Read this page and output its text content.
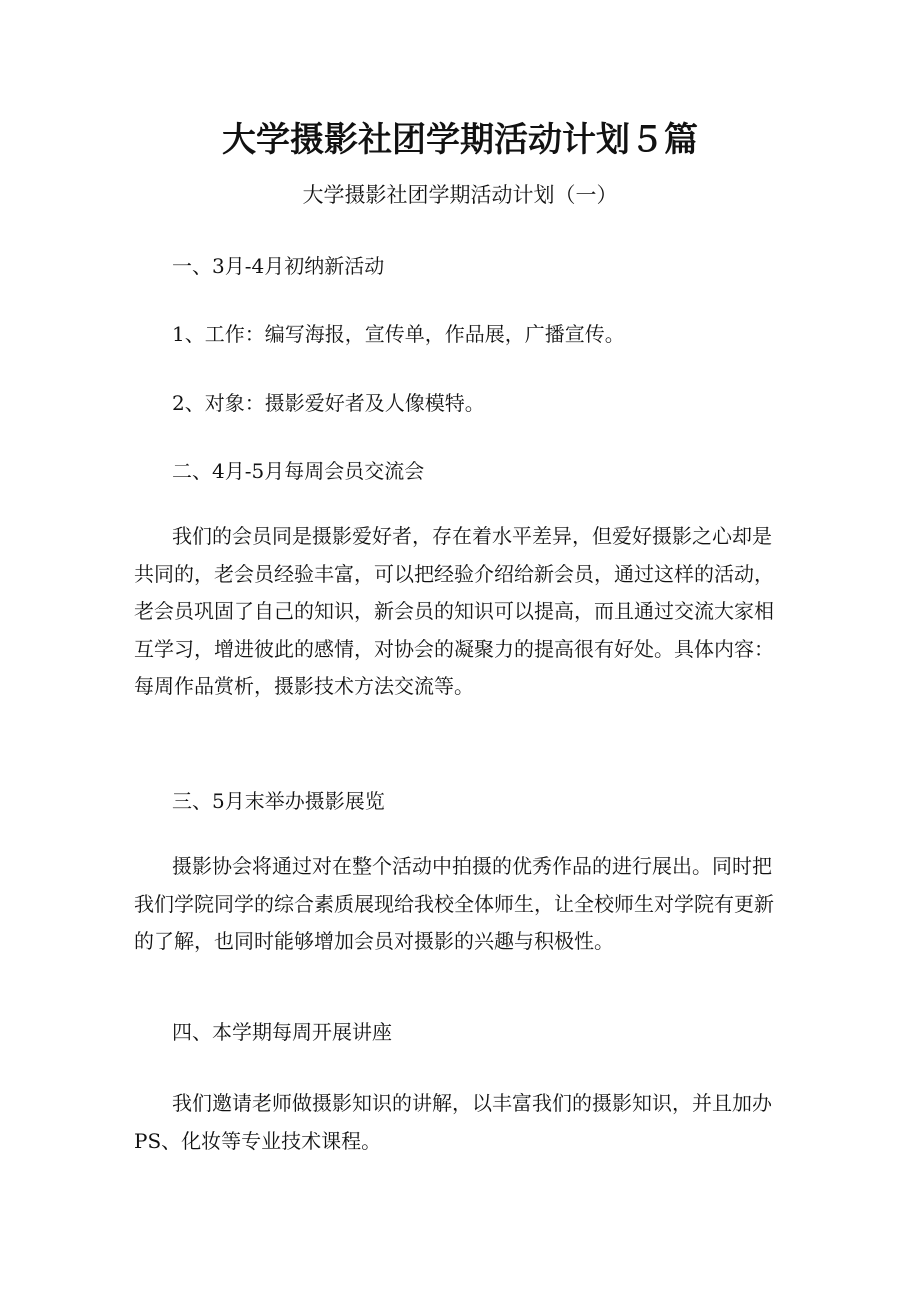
大学摄影社团学期活动计划５篇
大学摄影社团学期活动计划（一）
一、3月-4月初纳新活动
1、工作：编写海报，宣传单，作品展，广播宣传。
2、对象：摄影爱好者及人像模特。
二、4月-5月每周会员交流会
我们的会员同是摄影爱好者，存在着水平差异，但爱好摄影之心却是
共同的，老会员经验丰富，可以把经验介绍给新会员，通过这样的活动，
老会员巩固了自己的知识，新会员的知识可以提高，而且通过交流大家相
互学习，增进彼此的感情，对协会的凝聚力的提高很有好处。具体内容：
每周作品赏析，摄影技术方法交流等。
三、5月末举办摄影展览
摄影协会将通过对在整个活动中拍摄的优秀作品的进行展出。同时把
我们学院同学的综合素质展现给我校全体师生，让全校师生对学院有更新
的了解，也同时能够增加会员对摄影的兴趣与积极性。
四、本学期每周开展讲座
我们邀请老师做摄影知识的讲解，以丰富我们的摄影知识，并且加办
PS、化妆等专业技术课程。
